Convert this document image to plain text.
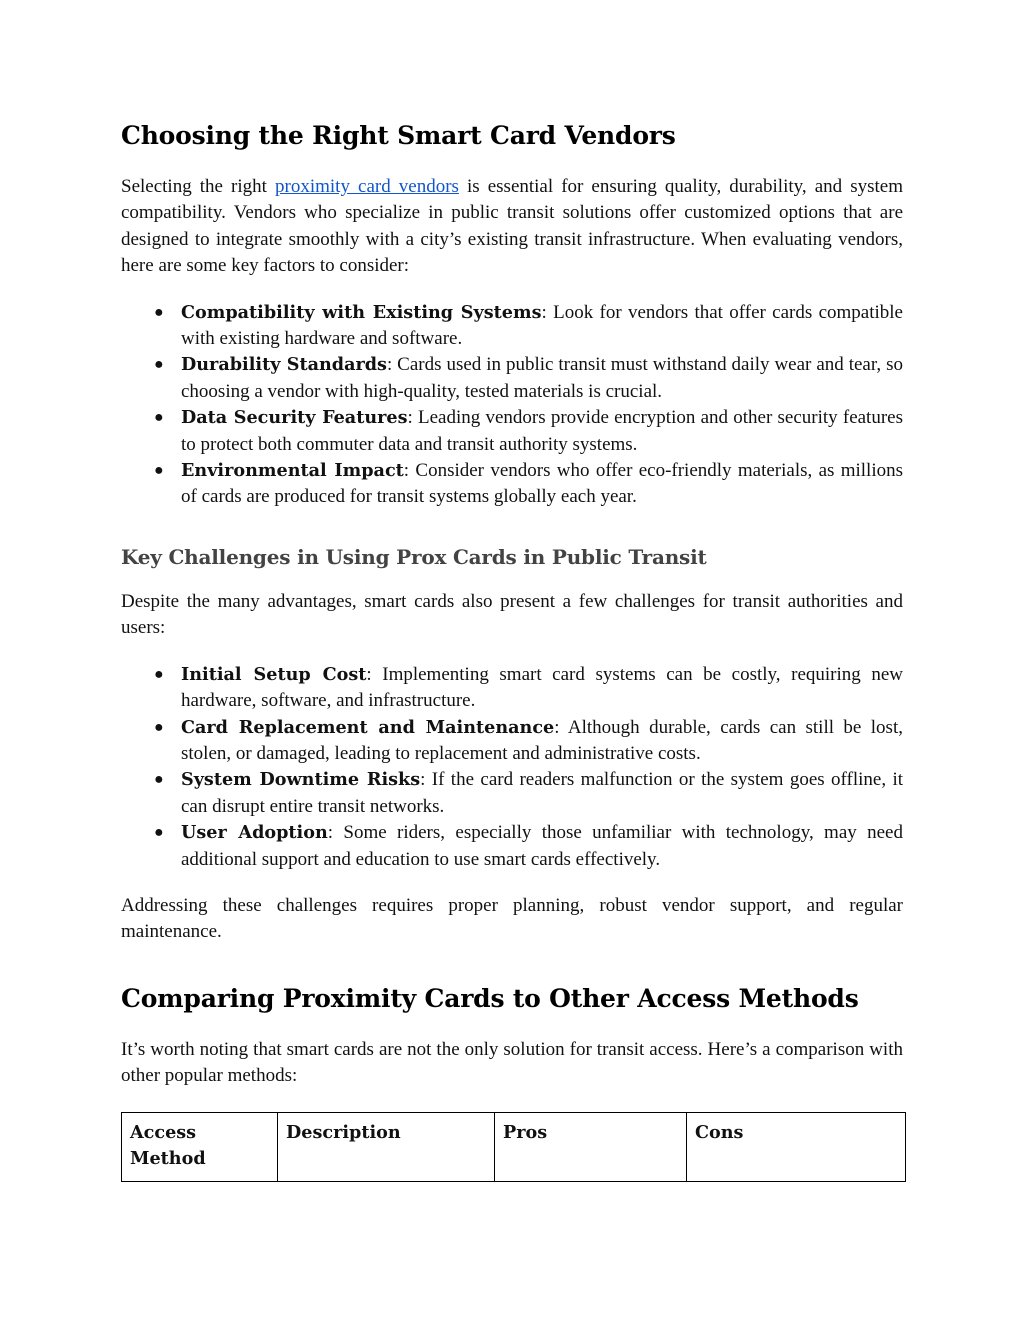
Choosing the Right Smart Card Vendors

Selecting the right proximity card vendors is essential for ensuring quality, durability, and system compatibility. Vendors who specialize in public transit solutions offer customized options that are designed to integrate smoothly with a city’s existing transit infrastructure. When evaluating vendors, here are some key factors to consider:

● Compatibility with Existing Systems: Look for vendors that offer cards compatible with existing hardware and software.
● Durability Standards: Cards used in public transit must withstand daily wear and tear, so choosing a vendor with high-quality, tested materials is crucial.
● Data Security Features: Leading vendors provide encryption and other security features to protect both commuter data and transit authority systems.
● Environmental Impact: Consider vendors who offer eco-friendly materials, as millions of cards are produced for transit systems globally each year.
Key Challenges in Using Prox Cards in Public Transit

Despite the many advantages, smart cards also present a few challenges for transit authorities and users:

● Initial Setup Cost: Implementing smart card systems can be costly, requiring new hardware, software, and infrastructure.
● Card Replacement and Maintenance: Although durable, cards can still be lost, stolen, or damaged, leading to replacement and administrative costs.
● System Downtime Risks: If the card readers malfunction or the system goes offline, it can disrupt entire transit networks.
● User Adoption: Some riders, especially those unfamiliar with technology, may need additional support and education to use smart cards effectively.

Addressing these challenges requires proper planning, robust vendor support, and regular maintenance.

Comparing Proximity Cards to Other Access Methods

It’s worth noting that smart cards are not the only solution for transit access. Here’s a comparison with other popular methods:

Access Method	Description	Pros	Cons
